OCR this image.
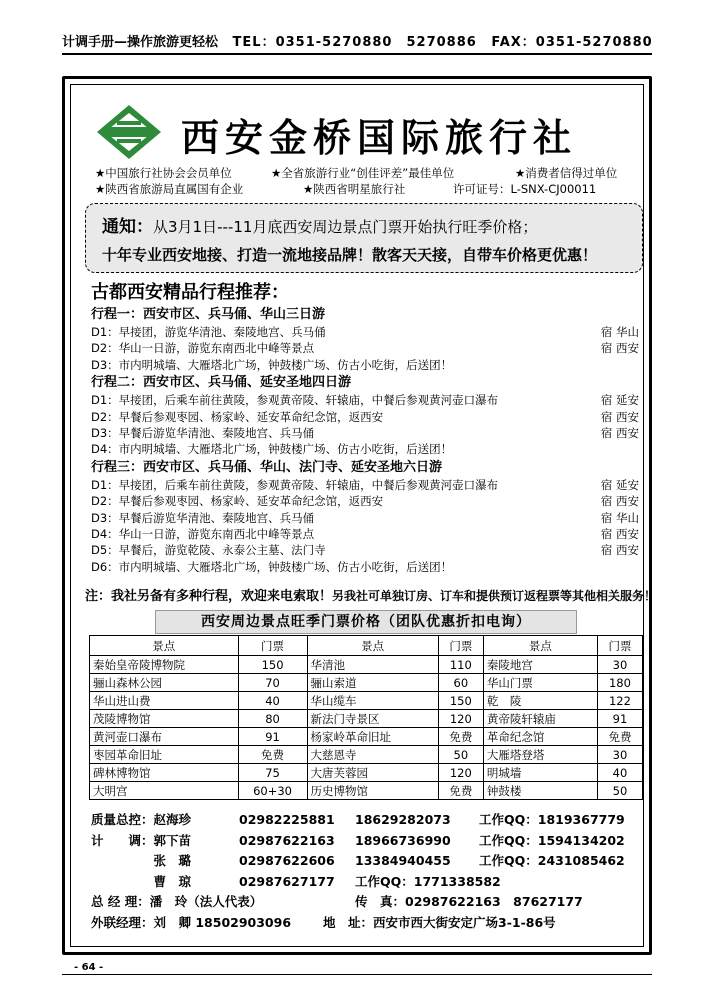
计调手册—操作旅游更轻松 TEL：0351-5270880　5270886 FAX：0351-5270880
西安金桥国际旅行社
★中国旅行社协会会员单位	★全省旅游行业“创佳评差”最佳单位	★消费者信得过单位
★陕西省旅游局直属国有企业	★陕西省明星旅行社	许可证号：L-SNX-CJ00011
通知：从3月1日---11月底西安周边景点门票开始执行旺季价格；
十年专业西安地接、打造一流地接品牌！散客天天接，自带车价格更优惠！
古都西安精品行程推荐：
行程一：西安市区、兵马俑、华山三日游
D1：早接团，游览华清池、秦陵地宫、兵马俑	宿 华山
D2：华山一日游，游览东南西北中峰等景点	宿 西安
D3：市内明城墙、大雁塔北广场，钟鼓楼广场、仿古小吃街，后送团！
行程二：西安市区、兵马俑、延安圣地四日游
D1：早接团，后乘车前往黄陵，参观黄帝陵、轩辕庙，中餐后参观黄河壶口瀑布	宿 延安
D2：早餐后参观枣园、杨家岭、延安革命纪念馆，返西安	宿 西安
D3：早餐后游览华清池、秦陵地宫、兵马俑	宿 西安
D4：市内明城墙、大雁塔北广场，钟鼓楼广场、仿古小吃街，后送团！
行程三：西安市区、兵马俑、华山、法门寺、延安圣地六日游
D1：早接团，后乘车前往黄陵，参观黄帝陵、轩辕庙，中餐后参观黄河壶口瀑布	宿 延安
D2：早餐后参观枣园、杨家岭、延安革命纪念馆，返西安	宿 西安
D3：早餐后游览华清池、秦陵地宫、兵马俑	宿 华山
D4：华山一日游，游览东南西北中峰等景点	宿 西安
D5：早餐后，游览乾陵、永泰公主墓、法门寺	宿 西安
D6：市内明城墙、大雁塔北广场，钟鼓楼广场、仿古小吃街，后送团！
注：我社另备有多种行程，欢迎来电索取！另我社可单独订房、订车和提供预订返程票等其他相关服务！
西安周边景点旺季门票价格（团队优惠折扣电询）
景点	门票	景点	门票	景点	门票
秦始皇帝陵博物院	150	华清池	110	秦陵地宫	30
骊山森林公园	70	骊山索道	60	华山门票	180
华山进山费	40	华山缆车	150	乾　陵	122
茂陵博物馆	80	新法门寺景区	120	黄帝陵轩辕庙	91
黄河壶口瀑布	91	杨家岭革命旧址	免费	革命纪念馆	免费
枣园革命旧址	免费	大慈恩寺	50	大雁塔登塔	30
碑林博物馆	75	大唐芙蓉园	120	明城墙	40
大明宫	60+30	历史博物馆	免费	钟鼓楼	50
质量总控：赵海珍	02982225881 18629282073 工作QQ：1819367779
计　　调：郭下苗	02987622163 18966736990 工作QQ：1594134202
　　　　　张　璐	02987622606 13384940455 工作QQ：2431085462
　　　　　曹　琼	02987627177 工作QQ：1771338582
总 经 理：潘　玲（法人代表）	传　真：02987622163　87627177
外联经理：刘　卿 18502903096	地　址：西安市西大街安定广场3-1-86号
- 64 -
